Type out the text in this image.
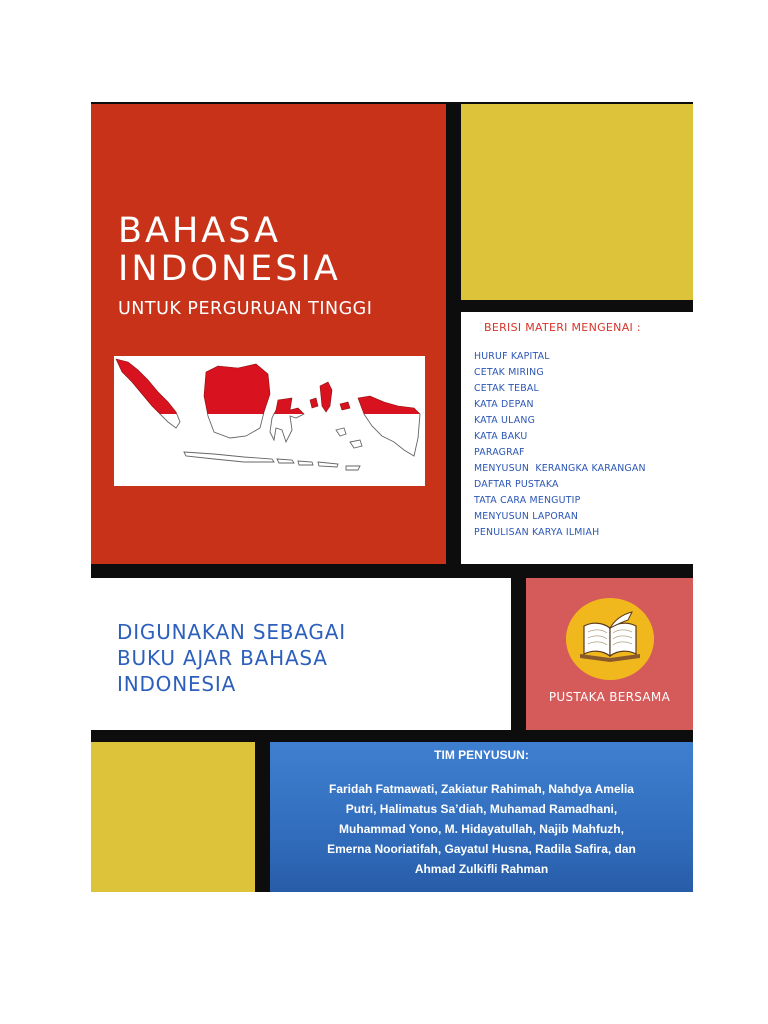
BAHASA
INDONESIA
UNTUK PERGURUAN TINGGI
BERISI MATERI MENGENAI :
HURUF KAPITAL
CETAK MIRING
CETAK TEBAL
KATA DEPAN
KATA ULANG
KATA BAKU
PARAGRAF
MENYUSUN  KERANGKA KARANGAN
DAFTAR PUSTAKA
TATA CARA MENGUTIP
MENYUSUN LAPORAN
PENULISAN KARYA ILMIAH
DIGUNAKAN SEBAGAI
BUKU AJAR BAHASA
INDONESIA
PUSTAKA BERSAMA
TIM PENYUSUN:
Faridah Fatmawati, Zakiatur Rahimah, Nahdya Amelia
Putri, Halimatus Sa’diah, Muhamad Ramadhani,
Muhammad Yono, M. Hidayatullah, Najib Mahfuzh,
Emerna Nooriatifah, Gayatul Husna, Radila Safira, dan
Ahmad Zulkifli Rahman
